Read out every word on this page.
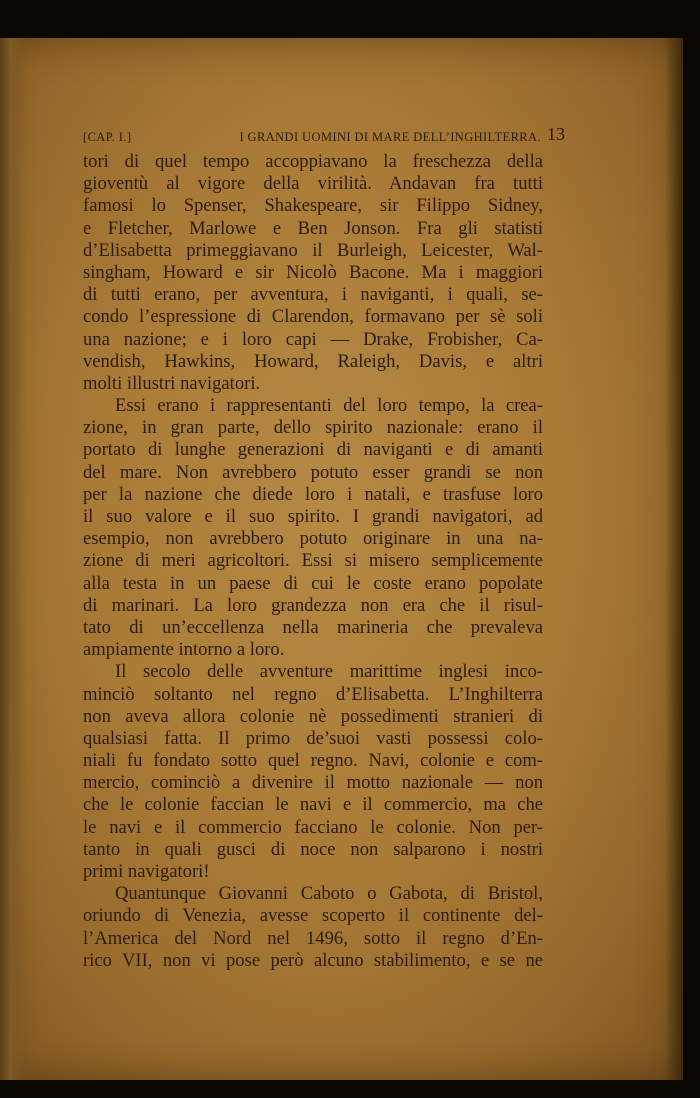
[CAP. I.]	I GRANDI UOMINI DI MARE DELL’INGHILTERRA. 13
tori di quel tempo accoppiavano la freschezza della
gioventù al vigore della virilità. Andavan fra tutti
famosi lo Spenser, Shakespeare, sir Filippo Sidney,
e Fletcher, Marlowe e Ben Jonson. Fra gli statisti
d’Elisabetta primeggiavano il Burleigh, Leicester, Wal-
singham, Howard e sir Nicolò Bacone. Ma i maggiori
di tutti erano, per avventura, i naviganti, i quali, se-
condo l’espressione di Clarendon, formavano per sè soli
una nazione; e i loro capi — Drake, Frobisher, Ca-
vendish, Hawkins, Howard, Raleigh, Davis, e altri
molti illustri navigatori.
Essi erano i rappresentanti del loro tempo, la crea-
zione, in gran parte, dello spirito nazionale: erano il
portato di lunghe generazioni di naviganti e di amanti
del mare. Non avrebbero potuto esser grandi se non
per la nazione che diede loro i natali, e trasfuse loro
il suo valore e il suo spirito. I grandi navigatori, ad
esempio, non avrebbero potuto originare in una na-
zione di meri agricoltori. Essi si misero semplicemente
alla testa in un paese di cui le coste erano popolate
di marinari. La loro grandezza non era che il risul-
tato di un’eccellenza nella marineria che prevaleva
ampiamente intorno a loro.
Il secolo delle avventure marittime inglesi inco-
minciò soltanto nel regno d’Elisabetta. L’Inghilterra
non aveva allora colonie nè possedimenti stranieri di
qualsiasi fatta. Il primo de’suoi vasti possessi colo-
niali fu fondato sotto quel regno. Navi, colonie e com-
mercio, cominciò a divenire il motto nazionale — non
che le colonie faccian le navi e il commercio, ma che
le navi e il commercio facciano le colonie. Non per-
tanto in quali gusci di noce non salparono i nostri
primi navigatori!
Quantunque Giovanni Caboto o Gabota, di Bristol,
oriundo di Venezia, avesse scoperto il continente del-
l’America del Nord nel 1496, sotto il regno d’En-
rico VII, non vi pose però alcuno stabilimento, e se ne
